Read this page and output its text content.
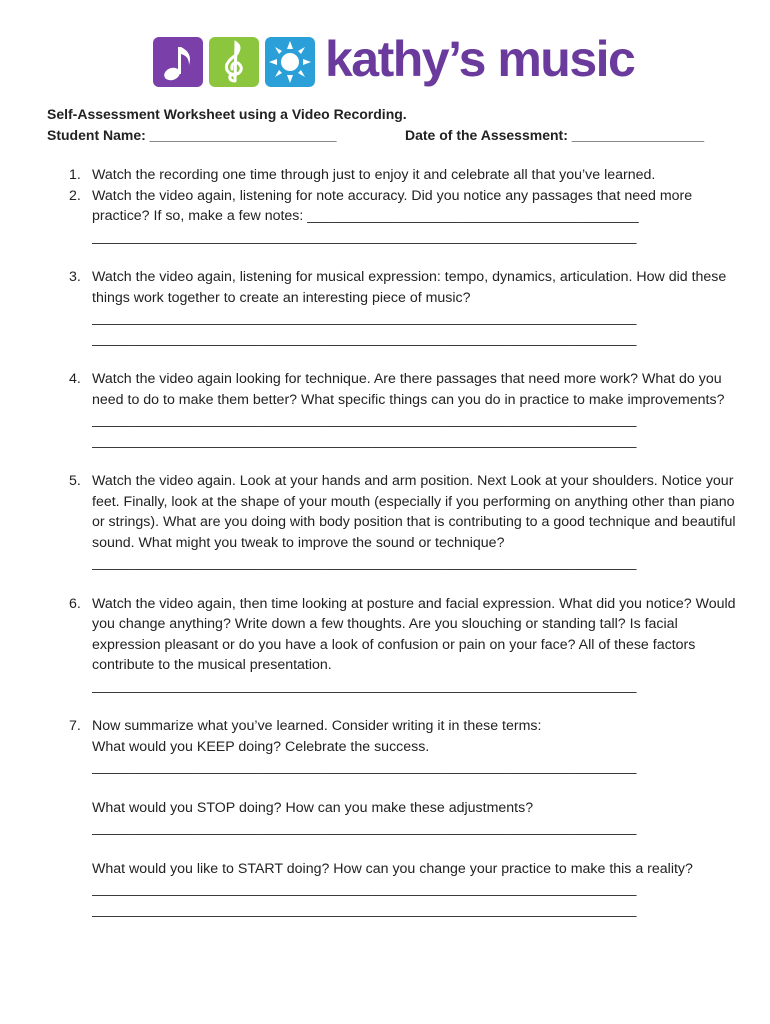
kathy’s music
Self-Assessment Worksheet using a Video Recording.
Student Name: ________________________	Date of the Assessment: _________________
1. Watch the recording one time through just to enjoy it and celebrate all that you’ve learned.
2. Watch the video again, listening for note accuracy. Did you notice any passages that need more practice? If so, make a few notes: __________________________________________
_____________________________________________________________________
3. Watch the video again, listening for musical expression: tempo, dynamics, articulation. How did these things work together to create an interesting piece of music?
_____________________________________________________________________
_____________________________________________________________________
4. Watch the video again looking for technique. Are there passages that need more work? What do you need to do to make them better? What specific things can you do in practice to make improvements?
_____________________________________________________________________
_____________________________________________________________________
5. Watch the video again. Look at your hands and arm position. Next Look at your shoulders. Notice your feet. Finally, look at the shape of your mouth (especially if you performing on anything other than piano or strings). What are you doing with body position that is contributing to a good technique and beautiful sound. What might you tweak to improve the sound or technique?
_____________________________________________________________________
6. Watch the video again, then time looking at posture and facial expression. What did you notice? Would you change anything? Write down a few thoughts. Are you slouching or standing tall? Is facial expression pleasant or do you have a look of confusion or pain on your face? All of these factors contribute to the musical presentation.
_____________________________________________________________________
7. Now summarize what you’ve learned. Consider writing it in these terms:
What would you KEEP doing? Celebrate the success.
_____________________________________________________________________
What would you STOP doing? How can you make these adjustments?
_____________________________________________________________________
What would you like to START doing? How can you change your practice to make this a reality?
_____________________________________________________________________
_____________________________________________________________________
